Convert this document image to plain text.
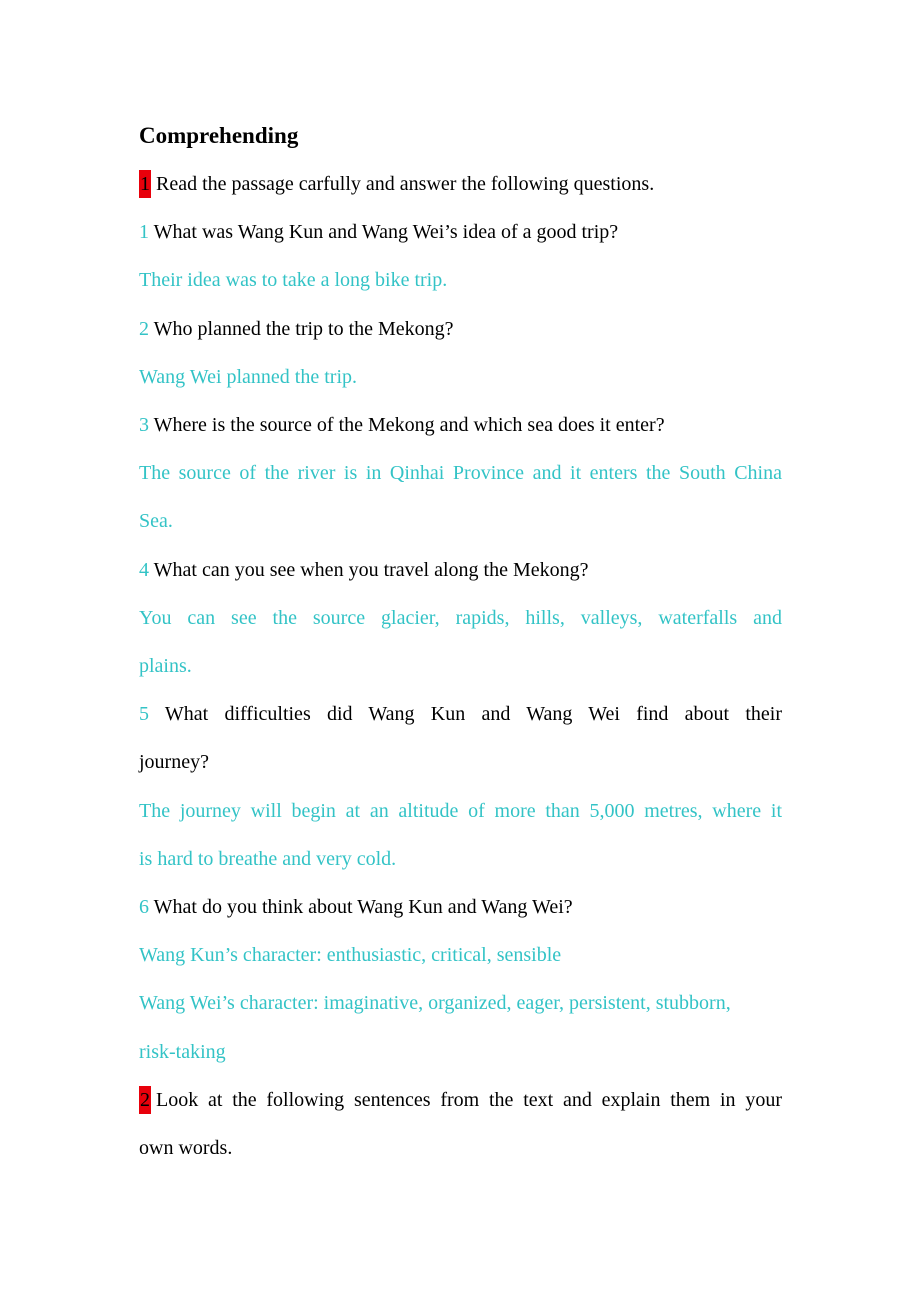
Comprehending
1 Read the passage carfully and answer the following questions.
1 What was Wang Kun and Wang Wei’s idea of a good trip?
Their idea was to take a long bike trip.
2 Who planned the trip to the Mekong?
Wang Wei planned the trip.
3 Where is the source of the Mekong and which sea does it enter?
The source of the river is in Qinhai Province and it enters the South China
Sea.
4 What can you see when you travel along the Mekong?
You can see the source glacier, rapids, hills, valleys, waterfalls and
plains.
5 What difficulties did Wang Kun and Wang Wei find about their
journey?
The journey will begin at an altitude of more than 5,000 metres, where it
is hard to breathe and very cold.
6 What do you think about Wang Kun and Wang Wei?
Wang Kun’s character: enthusiastic, critical, sensible
Wang Wei’s character: imaginative, organized, eager, persistent, stubborn,
risk-taking
2 Look at the following sentences from the text and explain them in your
own words.
